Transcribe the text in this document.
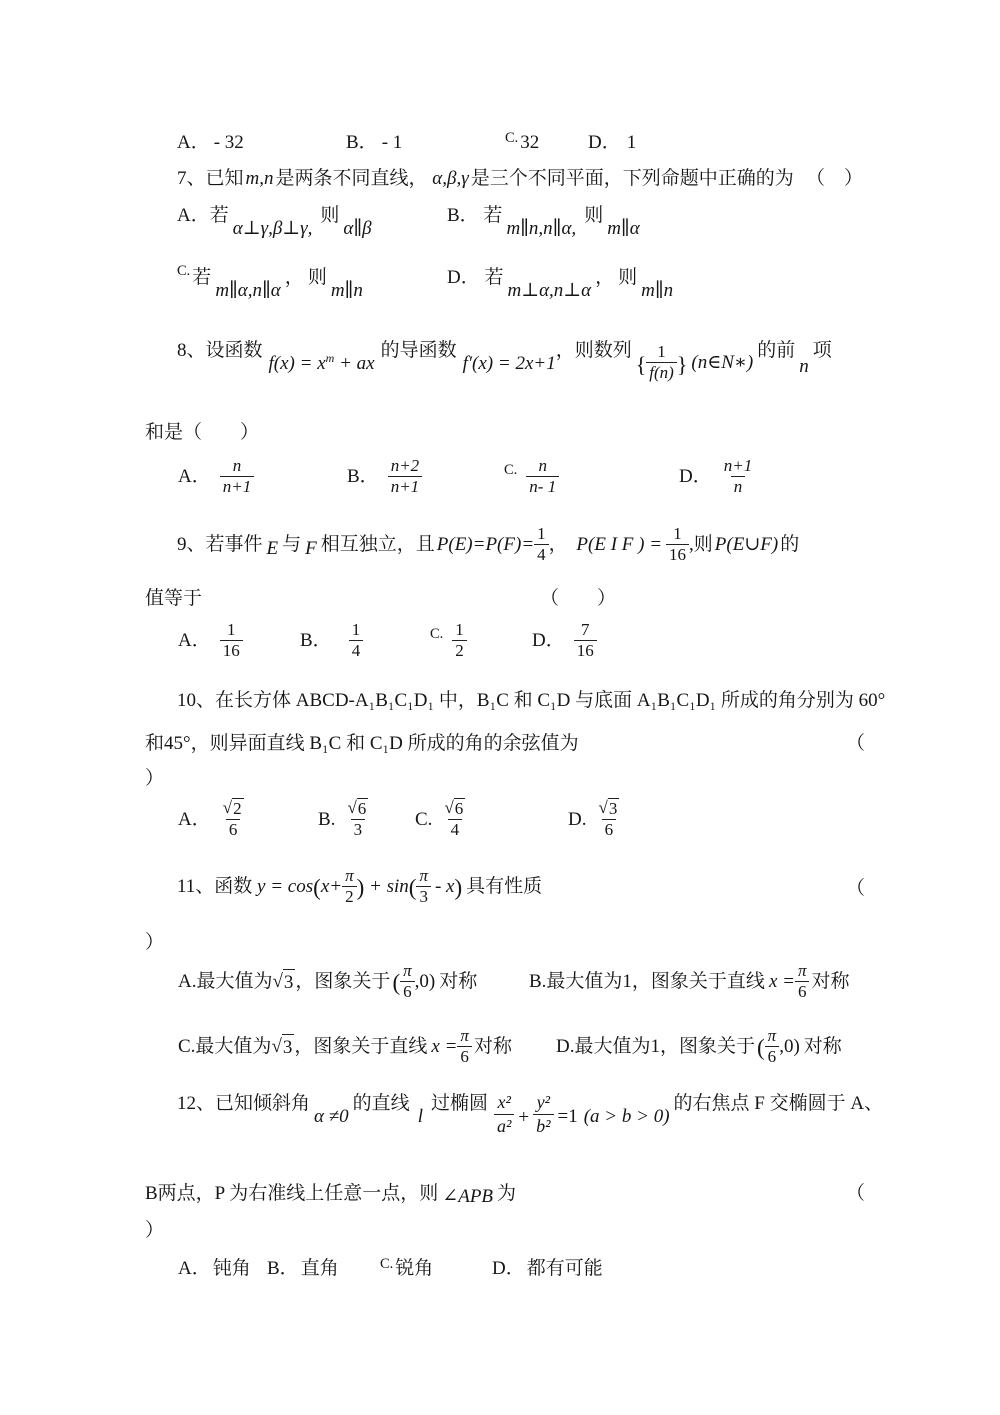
A． - 32	B． - 1	C. 32	D． 1
7、已知 m,n 是两条不同直线， α,β,γ 是三个不同平面，下列命题中正确的为 （　）
A．若
α⊥γ,β⊥γ,
则
α∥β
B． 若
m∥n,n∥α,
则
m∥α
C. 若
m∥α,n∥α
， 则
m∥n
D． 若
m⊥α,n⊥α
， 则
m∥n
8、设函数
$f(x) = x^m$ + ax
的导函数
f′(x) = 2x+1
，则数列
{ $\frac{1}{f(n)}$ } (n∈N∗)
的前
n
项
和是（　　）
A． $\frac{n}{n+1}$	B． $\frac{n+2}{n+1}$	C. $\frac{n}{n- 1}$	D． $\frac{n+1}{n}$
9、若事件 E 与 F 相互独立，且 $P(E)=P(F)= \frac{1}{4}$ ， P(E I F ) = $\frac{1}{16}$ ,则 P(E∪F) 的
值等于	（　　）
A． $\frac{1}{16}$	B． $\frac{1}{4}$	C. $\frac{1}{2}$	D． $\frac{7}{16}$
10、在长方体 ABCD-A₁B₁C₁D₁ 中，B₁C 和 C₁D 与底面 A₁B₁C₁D₁ 所成的角分别为 60°
和45°，则异面直线 B₁C 和 C₁D 所成的角的余弦值为	（
）
A． $\frac{√ 2}{6}$	B. $\frac{√ 6}{3} C$. $\frac{√ 6}{4}$	D. $\frac{√ 3}{6}$
11、函数 y = cos ( $x+ \frac{\pi}{2}$ ) + sin ( $\frac{\pi}{3}$ - x ) 具有性质	（
）
A.最大值为 √ 3 ，图象关于 ( $\frac{\pi}{6} ,0$) 对称	B.最大值为1，图象关于直线 $x = \frac{\pi}{6}$ 对称
C.最大值为 √ 3 ，图象关于直线 $x = \frac{\pi}{6}$ 对称 D.最大值为1，图象关于 ( $\frac{\pi}{6} ,0$) 对称
12、已知倾斜角
α ≠0
的直线
l
过椭圆 $\frac{\text{x²}}{\text{a²}} + \frac{\text{y²}}{\text{b²}} =1$ (a > b > 0)
的右焦点 F 交椭圆于 A、
B两点，P 为右准线上任意一点，则 ∠APB 为	（
）
A． 钝角 B． 直角	C. 锐角	D． 都有可能
